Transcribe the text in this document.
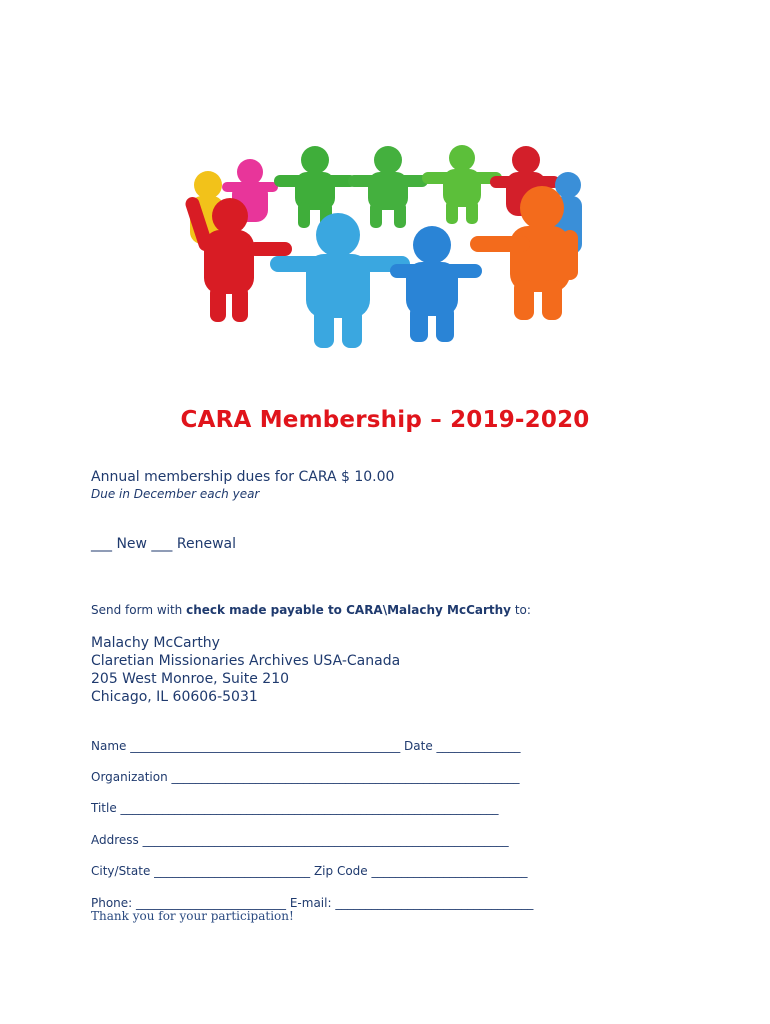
CARA Membership – 2019-2020
Annual membership dues for CARA $ 10.00
Due in December each year
___ New ___ Renewal
Send form with check made payable to CARA\Malachy McCarthy to:
Malachy McCarthy
Claretian Missionaries Archives USA-Canada
205 West Monroe, Suite 210
Chicago, IL 60606-5031
Name _____________________________________________ Date ______________
Organization __________________________________________________________
Title _______________________________________________________________
Address _____________________________________________________________
City/State __________________________ Zip Code __________________________
Phone: _________________________ E-mail: _________________________________
Thank you for your participation!
